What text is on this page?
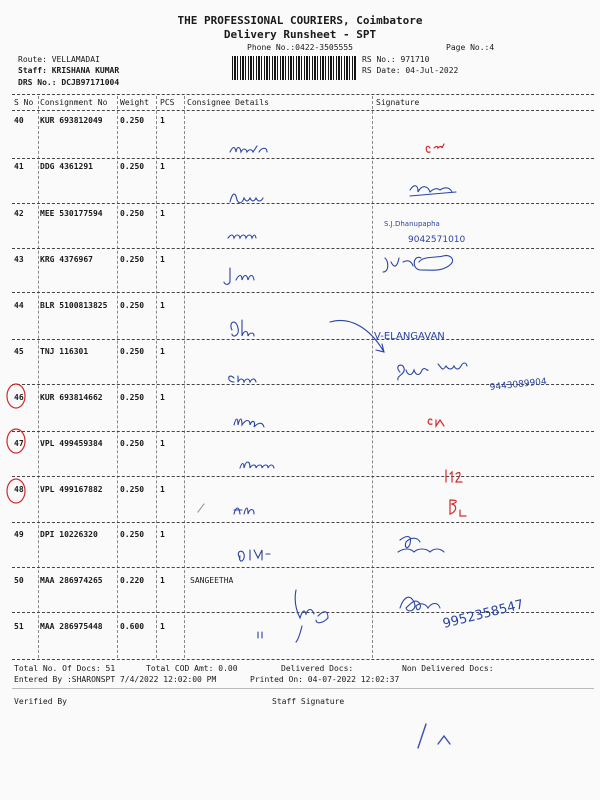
THE PROFESSIONAL COURIERS, Coimbatore
Delivery Runsheet - SPT
Phone No.:0422-3505555	Page No.:4
Route: VELLAMADAI
Staff: KRISHANA KUMAR
DRS No.: DCJB97171004
RS No.: 971710
RS Date: 04-Jul-2022
S No Consignment No Weight PCS Consignee Details	Signature
40 KUR 693812049 0.250 1
41 DDG 4361291	0.250 1
42 MEE 530177594 0.250 1
43 KRG 4376967	0.250 1
44 BLR 5100813825 0.250 1
45 TNJ 116301	0.250 1
46 KUR 693814662 0.250 1
47 VPL 499459384 0.250 1
48 VPL 499167882 0.250 1
49 DPI 10226320	0.250 1
50 MAA 286974265 0.220 1	SANGEETHA
51 MAA 286975448 0.600 1
Total No. Of Docs: 51	Total COD Amt: 0.00	Delivered Docs:	Non Delivered Docs:
Entered By :SHARONSPT 7/4/2022 12:02:00 PM	Printed On: 04-07-2022 12:02:37
Verified By	Staff Signature
S.J.Dhanupapha
9042571010
V-ELANGAVAN
9443089904
9952358547
